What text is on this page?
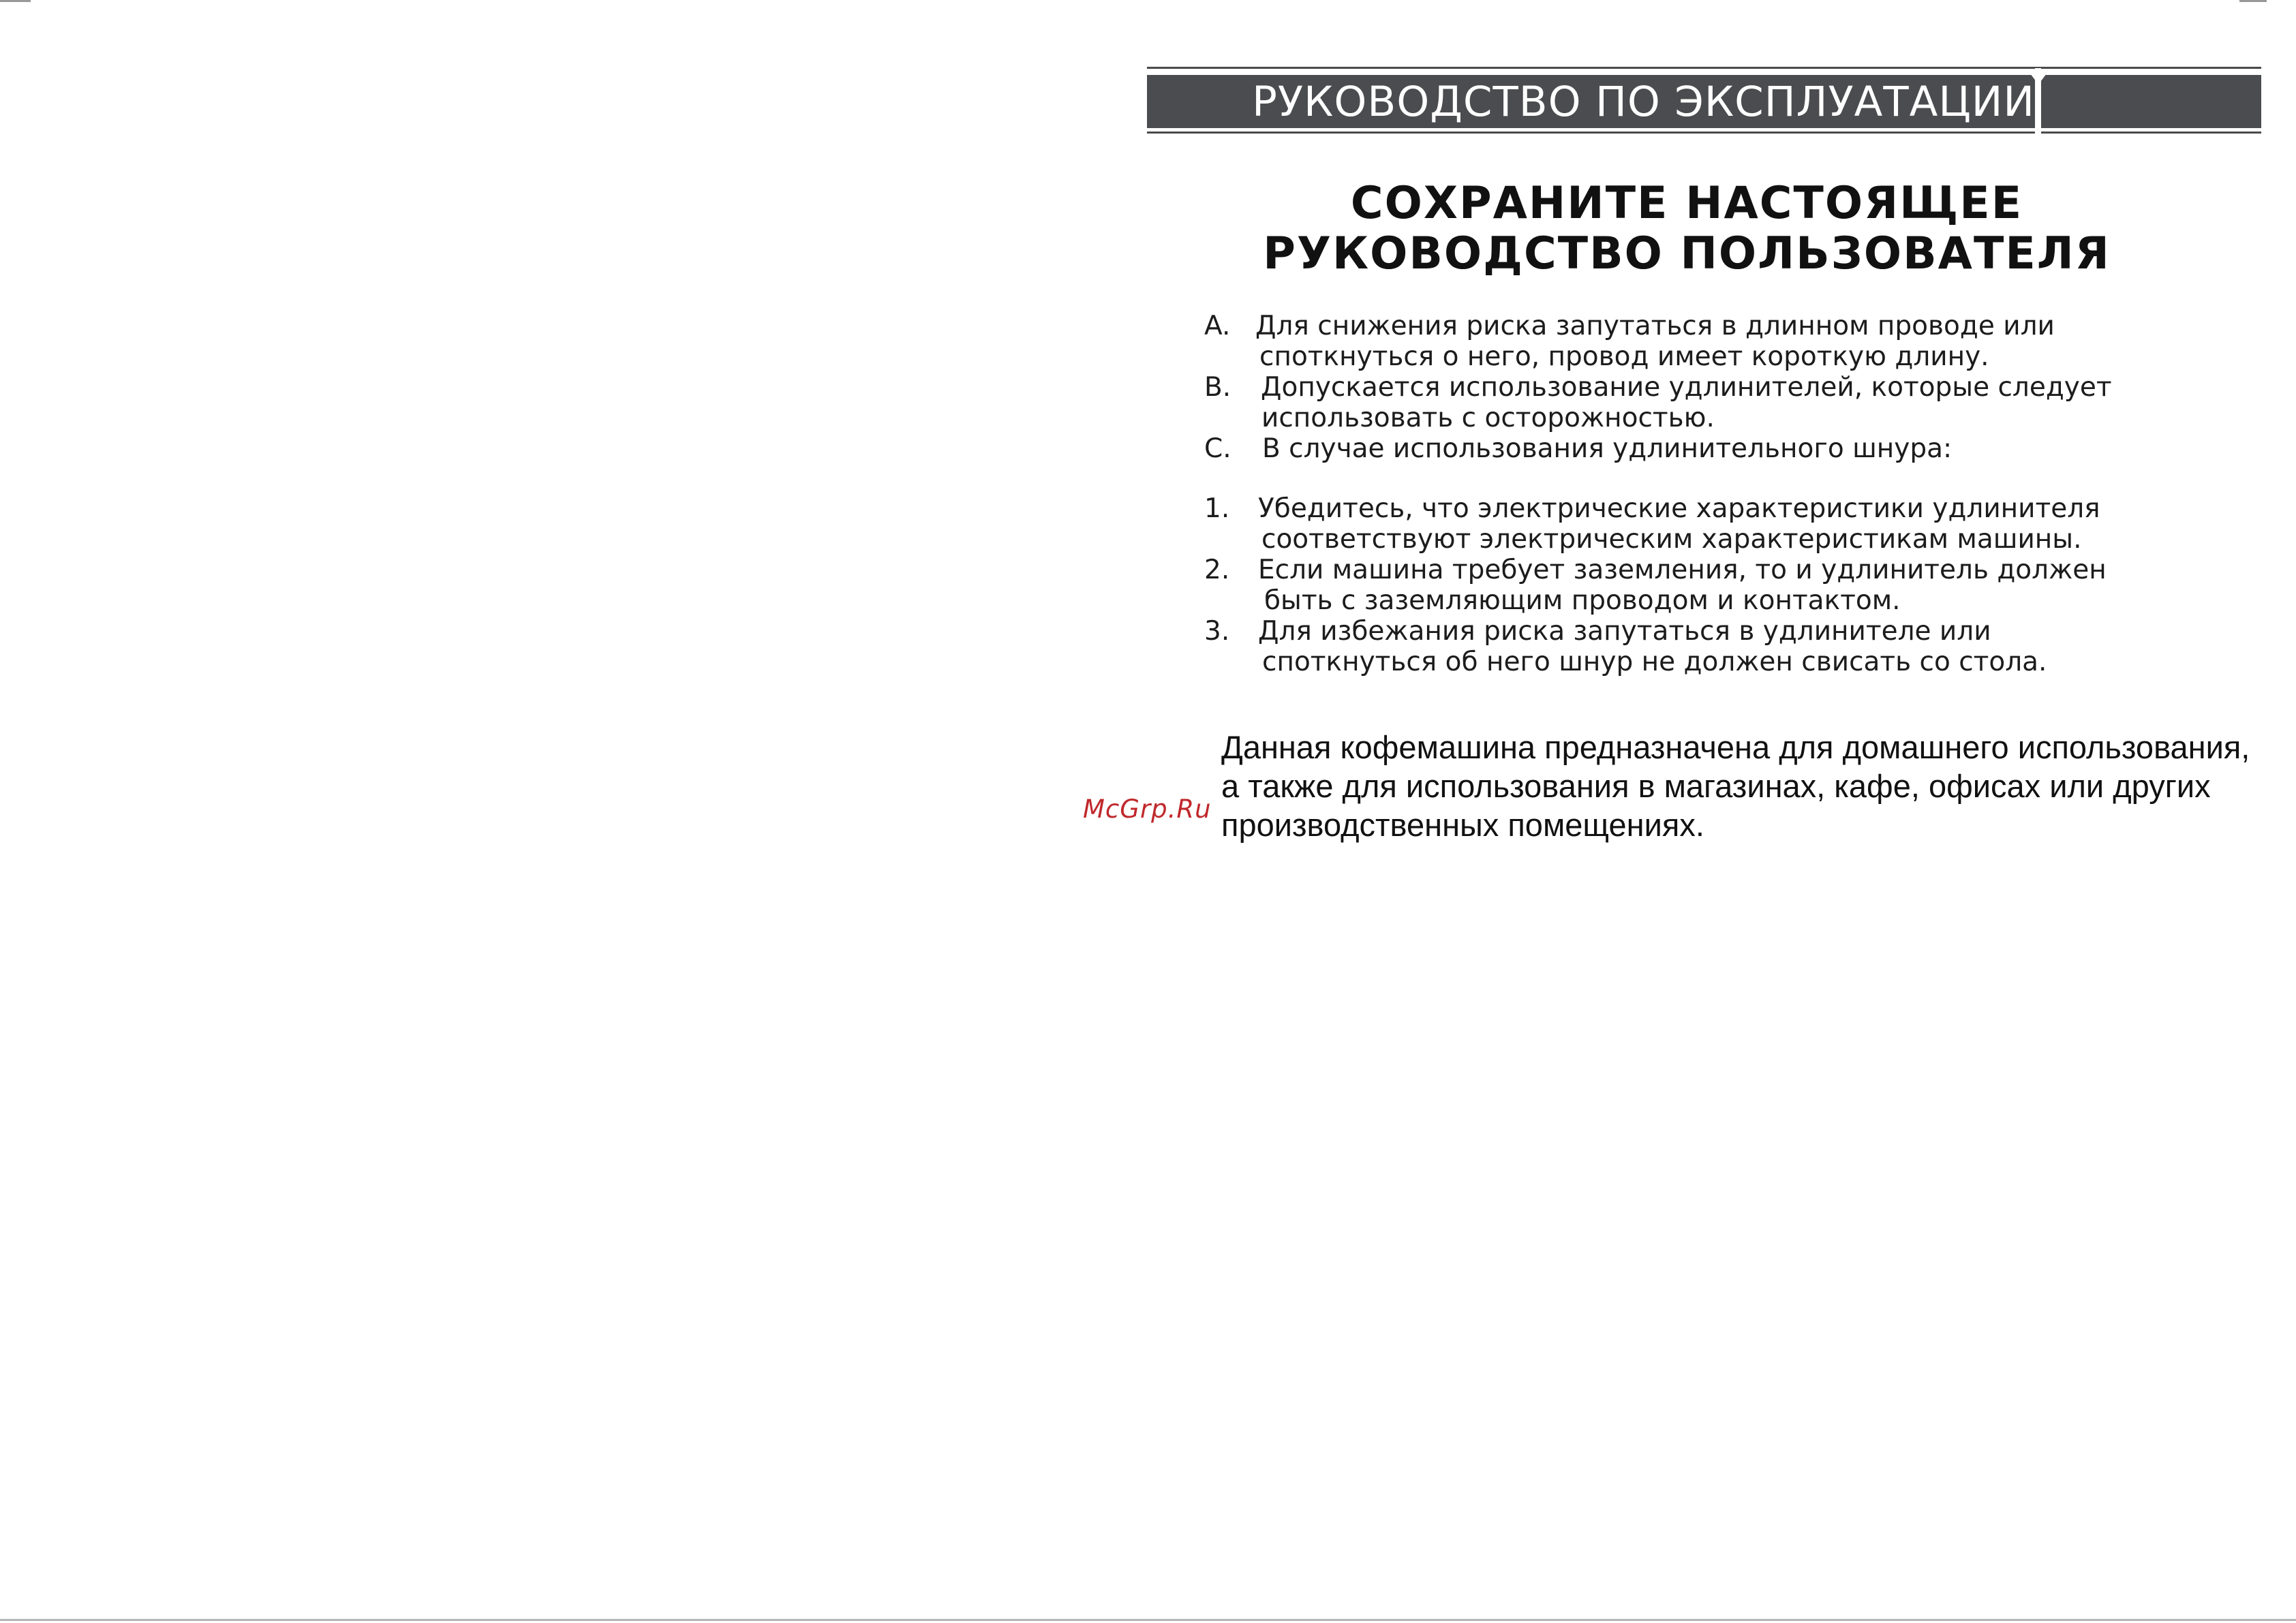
РУКОВОДСТВО ПО ЭКСПЛУАТАЦИИ
СОХРАНИТЕ НАСТОЯЩЕЕ
РУКОВОДСТВО ПОЛЬЗОВАТЕЛЯ
A. Для снижения риска запутаться в длинном проводе или
споткнуться о него, провод имеет короткую длину.
B. Допускается использование удлинителей, которые следует
использовать с осторожностью.
C. В случае использования удлинительного шнура:
1. Убедитесь, что электрические характеристики удлинителя
соответствуют электрическим характеристикам машины.
2. Если машина требует заземления, то и удлинитель должен
быть с заземляющим проводом и контактом.
3. Для избежания риска запутаться в удлинителе или
споткнуться об него шнур не должен свисать со стола.
Данная кофемашина предназначена для домашнего использования,
а также для использования в магазинах, кафе, офисах или других
производственных помещениях.
McGrp.Ru
